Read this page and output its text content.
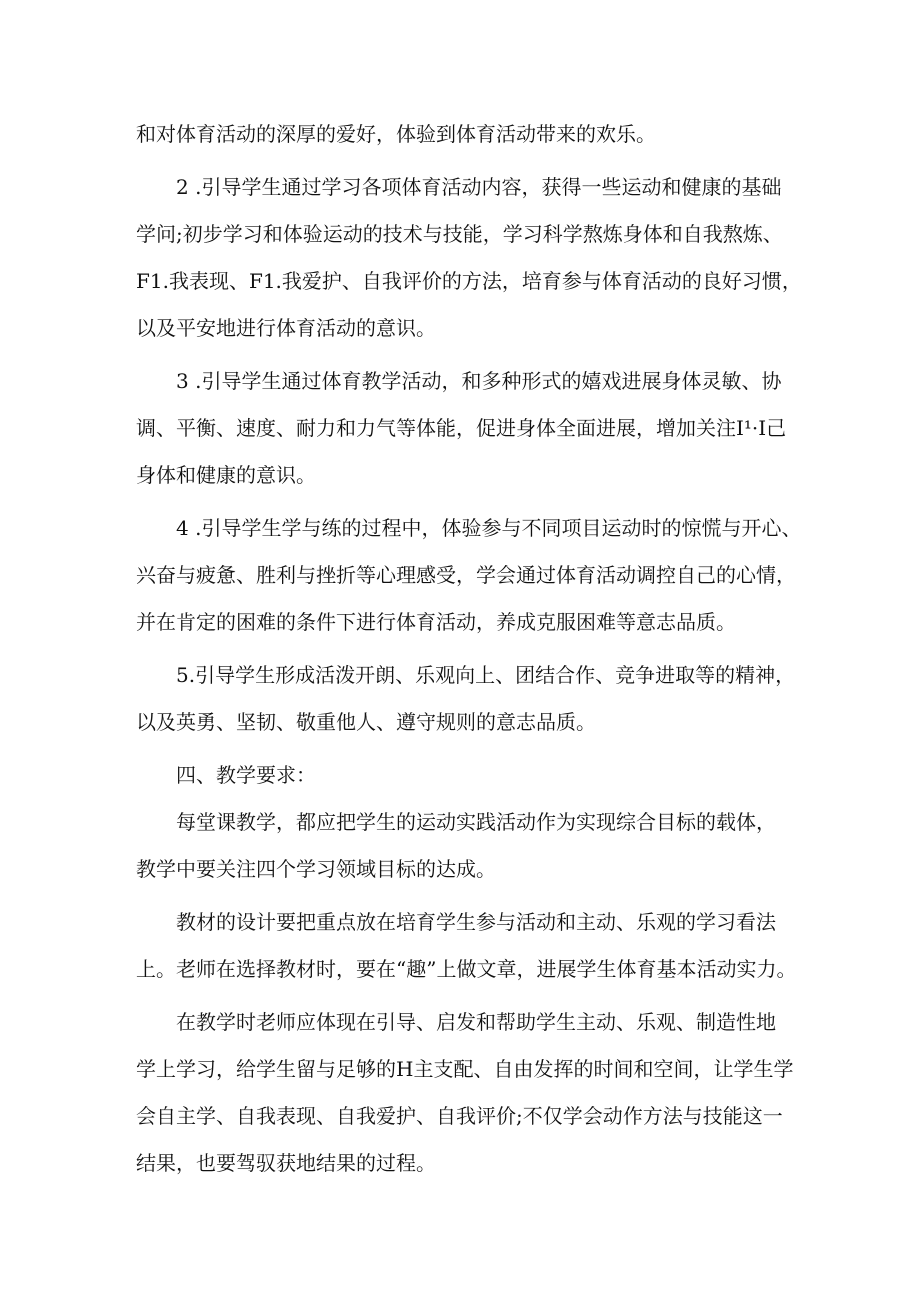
和对体育活动的深厚的爱好，体验到体育活动带来的欢乐。
2 .引导学生通过学习各项体育活动内容，获得一些运动和健康的基础
学问;初步学习和体验运动的技术与技能，学习科学熬炼身体和自我熬炼、
F1.我表现、F1.我爱护、自我评价的方法，培育参与体育活动的良好习惯，
以及平安地进行体育活动的意识。
3 .引导学生通过体育教学活动，和多种形式的嬉戏进展身体灵敏、协
调、平衡、速度、耐力和力气等体能，促进身体全面进展，增加关注I¹·I己
身体和健康的意识。
4 .引导学生学与练的过程中，体验参与不同项目运动时的惊慌与开心、
兴奋与疲惫、胜利与挫折等心理感受，学会通过体育活动调控自己的心情，
并在肯定的困难的条件下进行体育活动，养成克服困难等意志品质。
5.引导学生形成活泼开朗、乐观向上、团结合作、竞争进取等的精神，
以及英勇、坚韧、敬重他人、遵守规则的意志品质。
四、教学要求：
每堂课教学，都应把学生的运动实践活动作为实现综合目标的载体，
教学中要关注四个学习领域目标的达成。
教材的设计要把重点放在培育学生参与活动和主动、乐观的学习看法
上。老师在选择教材时，要在“趣”上做文章，进展学生体育基本活动实力。
在教学时老师应体现在引导、启发和帮助学生主动、乐观、制造性地
学上学习，给学生留与足够的H主支配、自由发挥的时间和空间，让学生学
会自主学、自我表现、自我爱护、自我评价;不仅学会动作方法与技能这一
结果，也要驾驭获地结果的过程。
